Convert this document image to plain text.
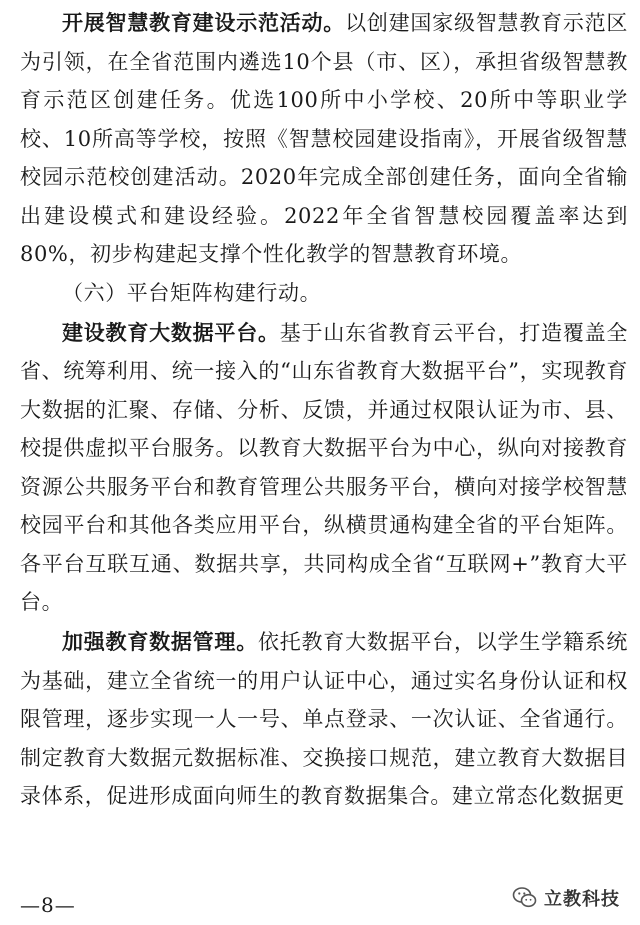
开展智慧教育建设示范活动。以创建国家级智慧教育示范区为引领，在全省范围内遴选10个县（市、区），承担省级智慧教育示范区创建任务。优选100所中小学校、20所中等职业学校、10所高等学校，按照《智慧校园建设指南》，开展省级智慧校园示范校创建活动。2020年完成全部创建任务，面向全省输出建设模式和建设经验。2022年全省智慧校园覆盖率达到80%，初步构建起支撑个性化教学的智慧教育环境。

（六）平台矩阵构建行动。

建设教育大数据平台。基于山东省教育云平台，打造覆盖全省、统筹利用、统一接入的“山东省教育大数据平台”，实现教育大数据的汇聚、存储、分析、反馈，并通过权限认证为市、县、校提供虚拟平台服务。以教育大数据平台为中心，纵向对接教育资源公共服务平台和教育管理公共服务平台，横向对接学校智慧校园平台和其他各类应用平台，纵横贯通构建全省的平台矩阵。各平台互联互通、数据共享，共同构成全省“互联网+”教育大平台。

加强教育数据管理。依托教育大数据平台，以学生学籍系统为基础，建立全省统一的用户认证中心，通过实名身份认证和权限管理，逐步实现一人一号、单点登录、一次认证、全省通行。制定教育大数据元数据标准、交换接口规范，建立教育大数据目录体系，促进形成面向师生的教育数据集合。建立常态化数据更

—8—	立教科技
